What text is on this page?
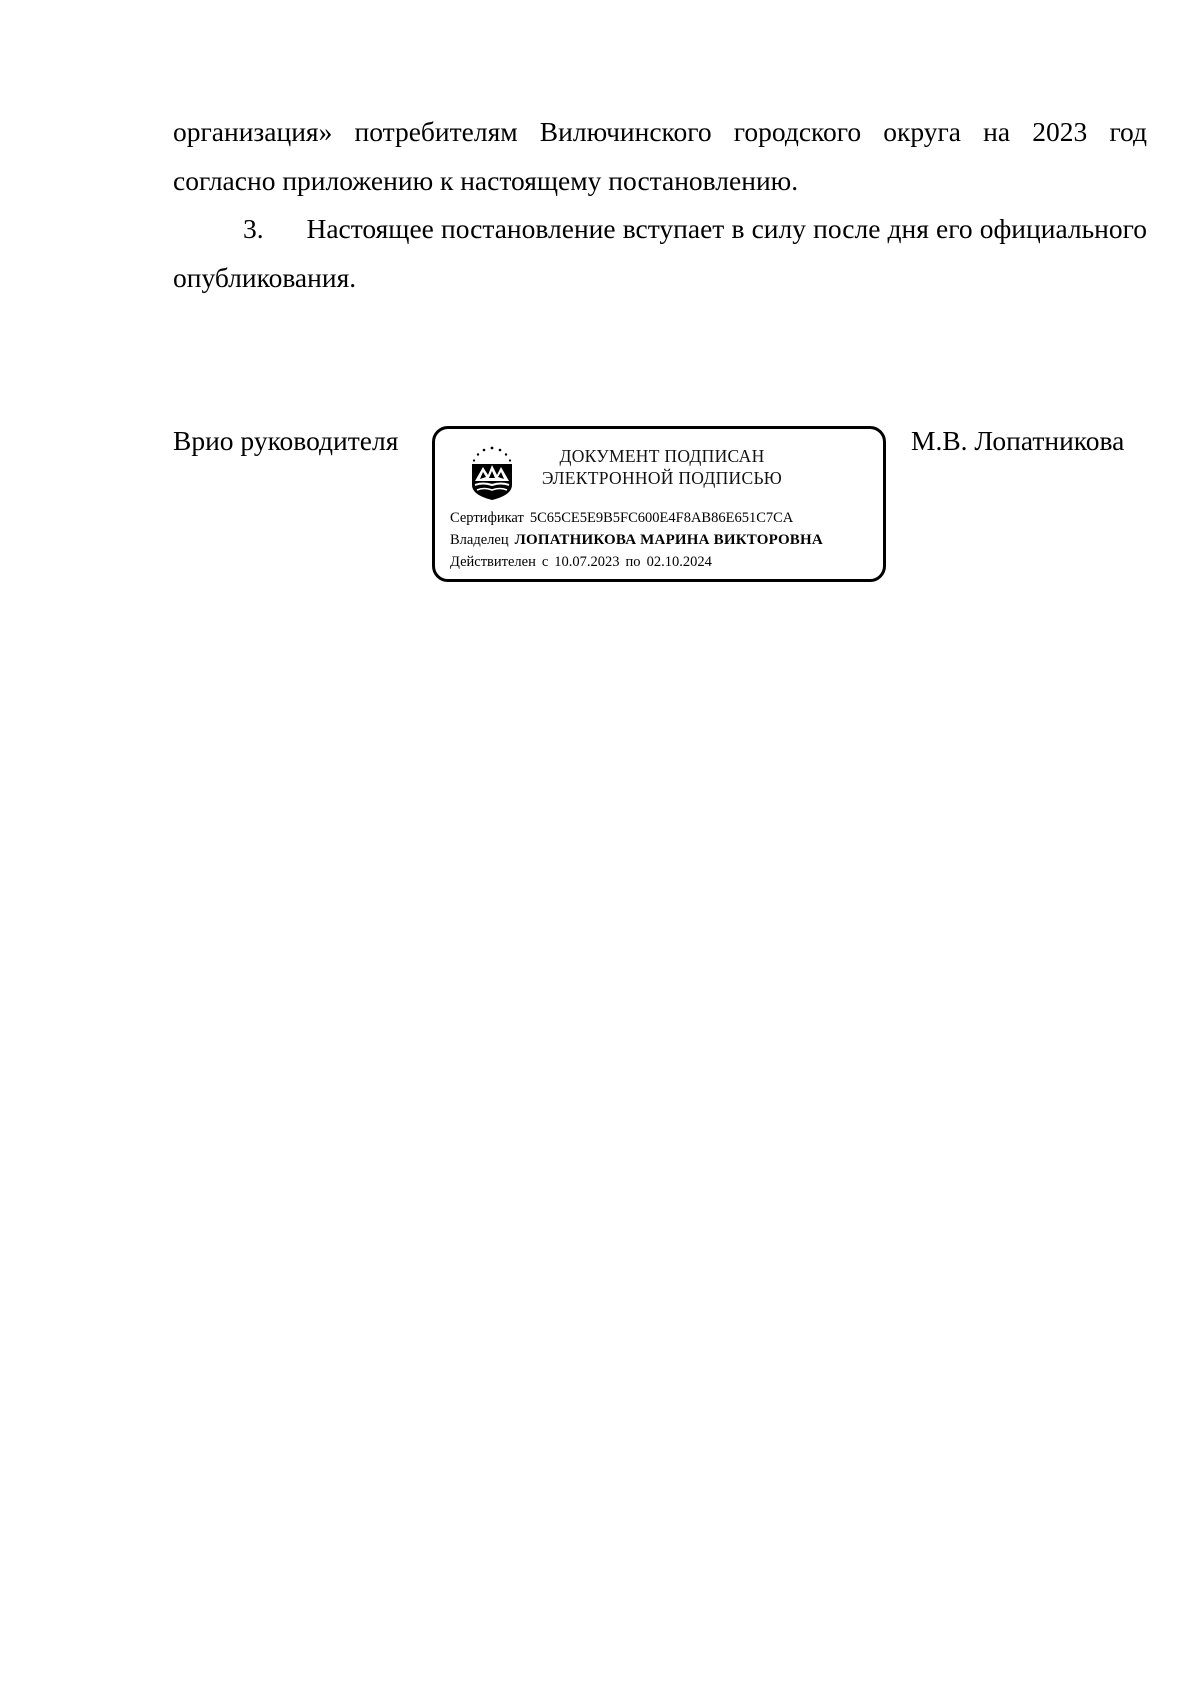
организация» потребителям Вилючинского городского округа на 2023 год согласно приложению к настоящему постановлению.

3.      Настоящее постановление вступает в силу после дня его официального опубликования.

Врио руководителя	ДОКУМЕНТ ПОДПИСАН
ЭЛЕКТРОННОЙ ПОДПИСЬЮ
Сертификат 5C65CE5E9B5FC600E4F8AB86E651C7CA
Владелец ЛОПАТНИКОВА МАРИНА ВИКТОРОВНА
Действителен с 10.07.2023 по 02.10.2024
М.В. Лопатникова
